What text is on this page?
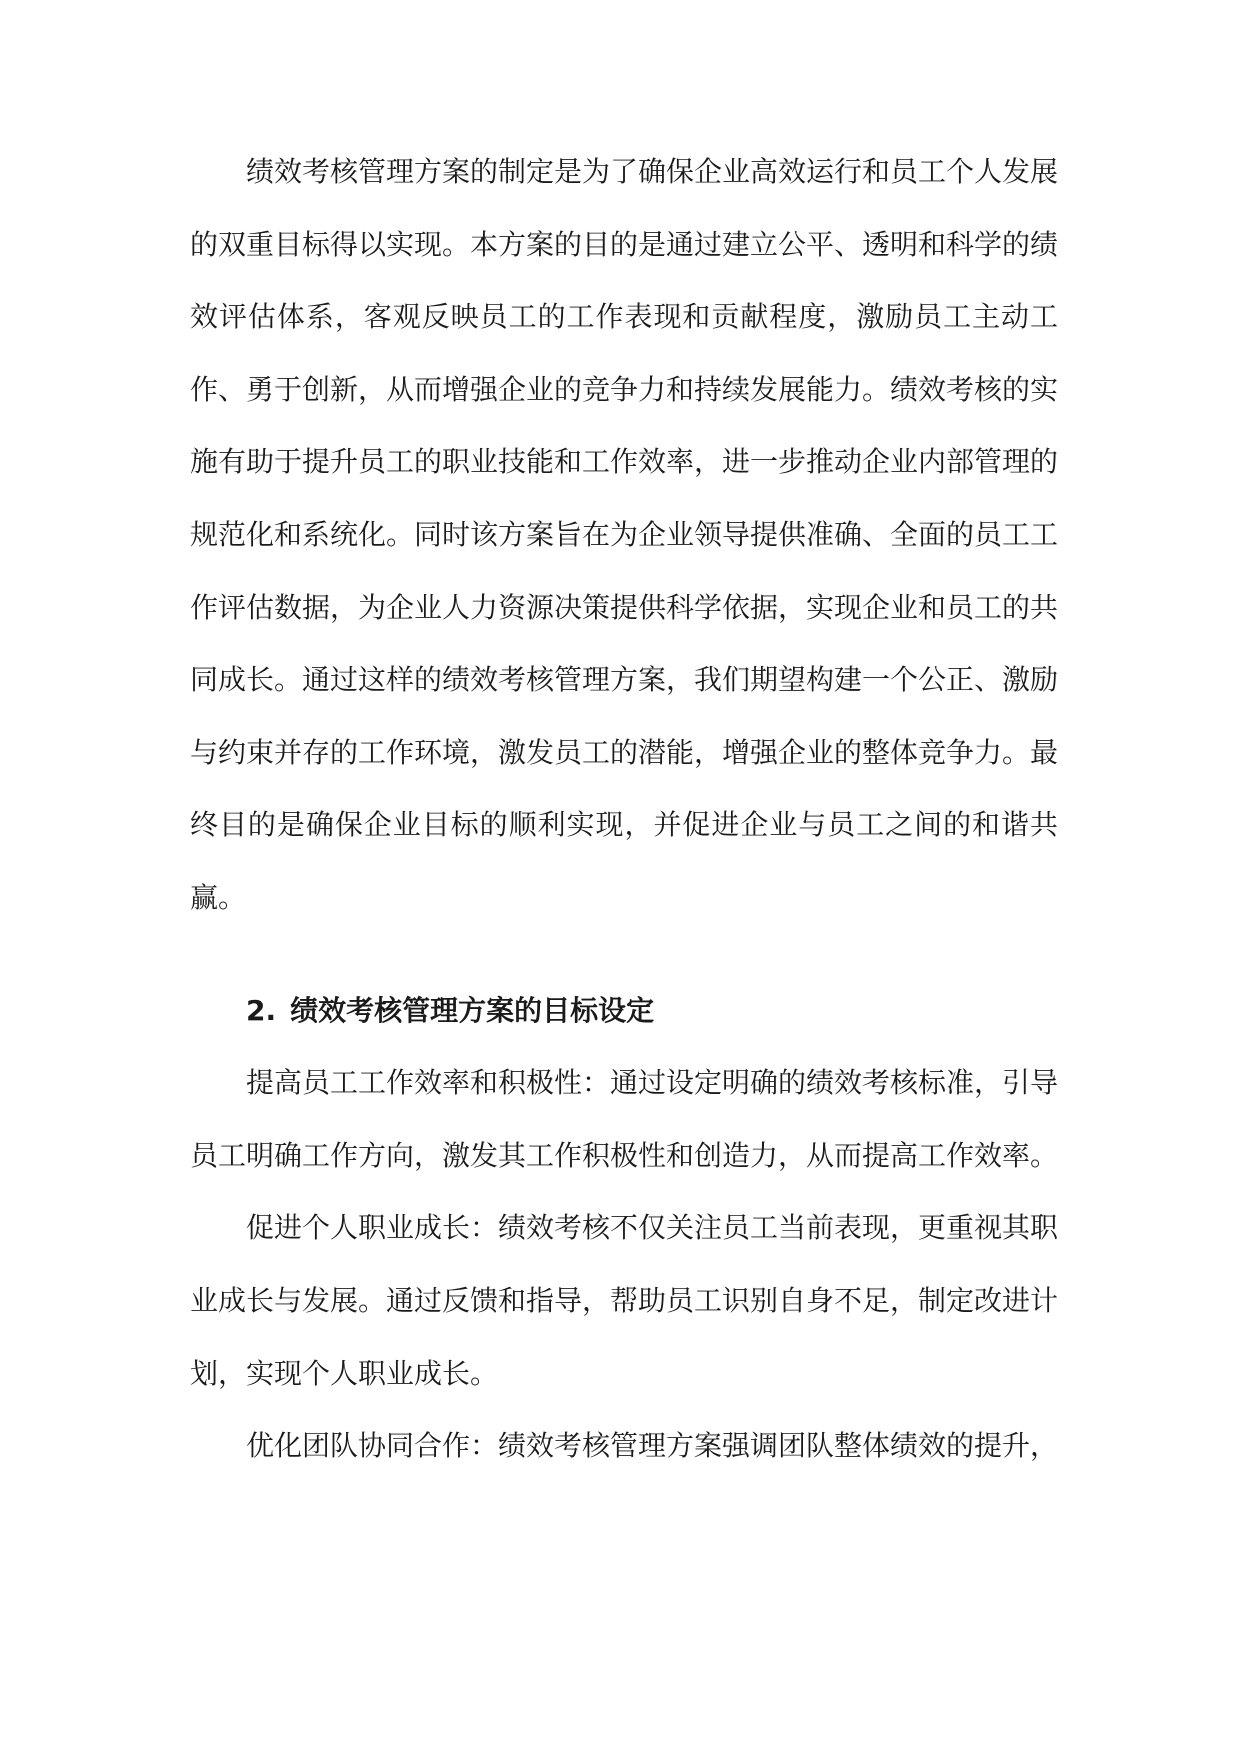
绩效考核管理方案的制定是为了确保企业高效运行和员工个人发展的双重目标得以实现。本方案的目的是通过建立公平、透明和科学的绩效评估体系，客观反映员工的工作表现和贡献程度，激励员工主动工作、勇于创新，从而增强企业的竞争力和持续发展能力。绩效考核的实施有助于提升员工的职业技能和工作效率，进一步推动企业内部管理的规范化和系统化。同时该方案旨在为企业领导提供准确、全面的员工工作评估数据，为企业人力资源决策提供科学依据，实现企业和员工的共同成长。通过这样的绩效考核管理方案，我们期望构建一个公正、激励与约束并存的工作环境，激发员工的潜能，增强企业的整体竞争力。最终目的是确保企业目标的顺利实现，并促进企业与员工之间的和谐共赢。

2. 绩效考核管理方案的目标设定

提高员工工作效率和积极性：通过设定明确的绩效考核标准，引导员工明确工作方向，激发其工作积极性和创造力，从而提高工作效率。

促进个人职业成长：绩效考核不仅关注员工当前表现，更重视其职业成长与发展。通过反馈和指导，帮助员工识别自身不足，制定改进计划，实现个人职业成长。

优化团队协同合作：绩效考核管理方案强调团队整体绩效的提升，
